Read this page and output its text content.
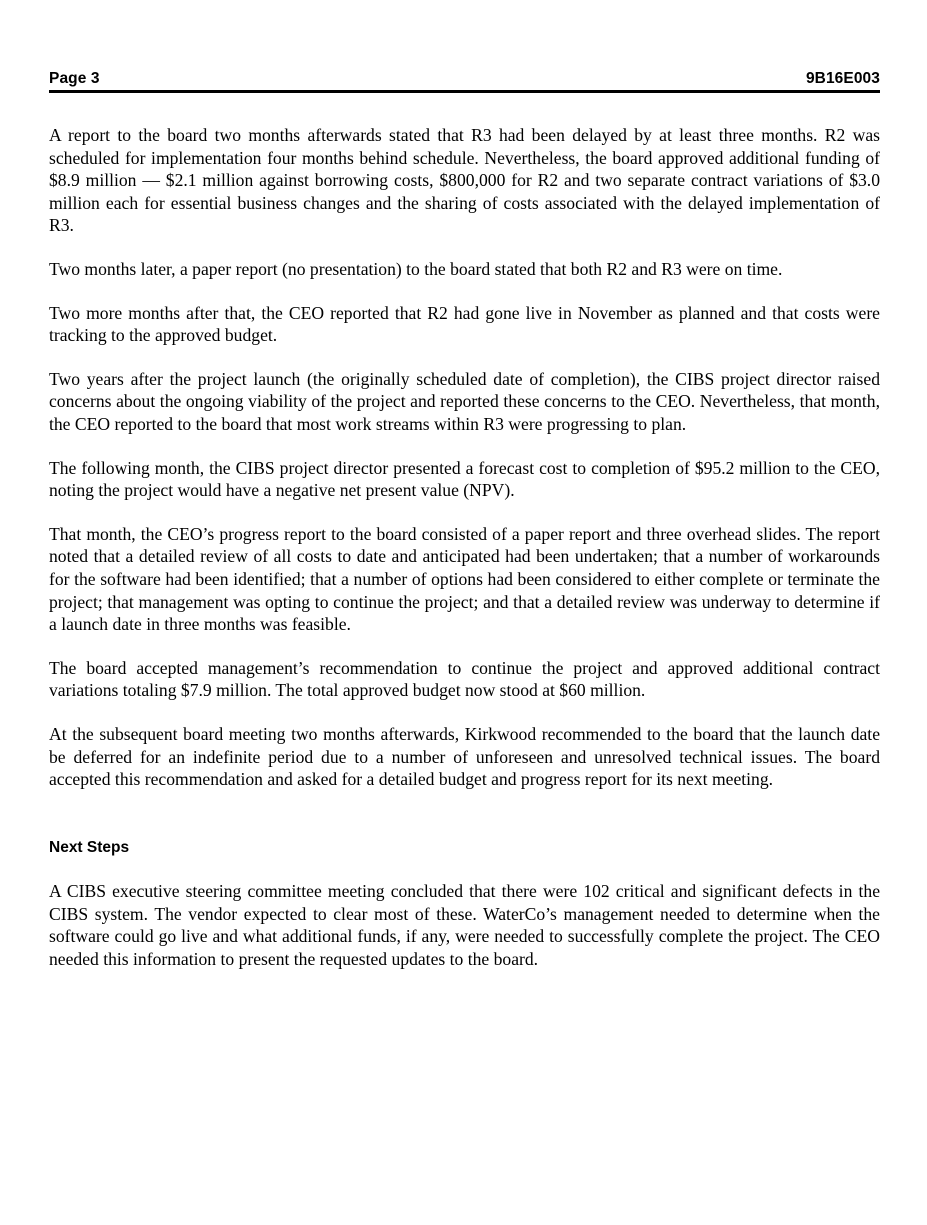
Page 3	9B16E003

A report to the board two months afterwards stated that R3 had been delayed by at least three months. R2 was scheduled for implementation four months behind schedule. Nevertheless, the board approved additional funding of $8.9 million — $2.1 million against borrowing costs, $800,000 for R2 and two separate contract variations of $3.0 million each for essential business changes and the sharing of costs associated with the delayed implementation of R3.

Two months later, a paper report (no presentation) to the board stated that both R2 and R3 were on time.

Two more months after that, the CEO reported that R2 had gone live in November as planned and that costs were tracking to the approved budget.

Two years after the project launch (the originally scheduled date of completion), the CIBS project director raised concerns about the ongoing viability of the project and reported these concerns to the CEO. Nevertheless, that month, the CEO reported to the board that most work streams within R3 were progressing to plan.

The following month, the CIBS project director presented a forecast cost to completion of $95.2 million to the CEO, noting the project would have a negative net present value (NPV).

That month, the CEO’s progress report to the board consisted of a paper report and three overhead slides. The report noted that a detailed review of all costs to date and anticipated had been undertaken; that a number of workarounds for the software had been identified; that a number of options had been considered to either complete or terminate the project; that management was opting to continue the project; and that a detailed review was underway to determine if a launch date in three months was feasible.

The board accepted management’s recommendation to continue the project and approved additional contract variations totaling $7.9 million. The total approved budget now stood at $60 million.

At the subsequent board meeting two months afterwards, Kirkwood recommended to the board that the launch date be deferred for an indefinite period due to a number of unforeseen and unresolved technical issues. The board accepted this recommendation and asked for a detailed budget and progress report for its next meeting.

Next Steps

A CIBS executive steering committee meeting concluded that there were 102 critical and significant defects in the CIBS system. The vendor expected to clear most of these. WaterCo’s management needed to determine when the software could go live and what additional funds, if any, were needed to successfully complete the project. The CEO needed this information to present the requested updates to the board.
